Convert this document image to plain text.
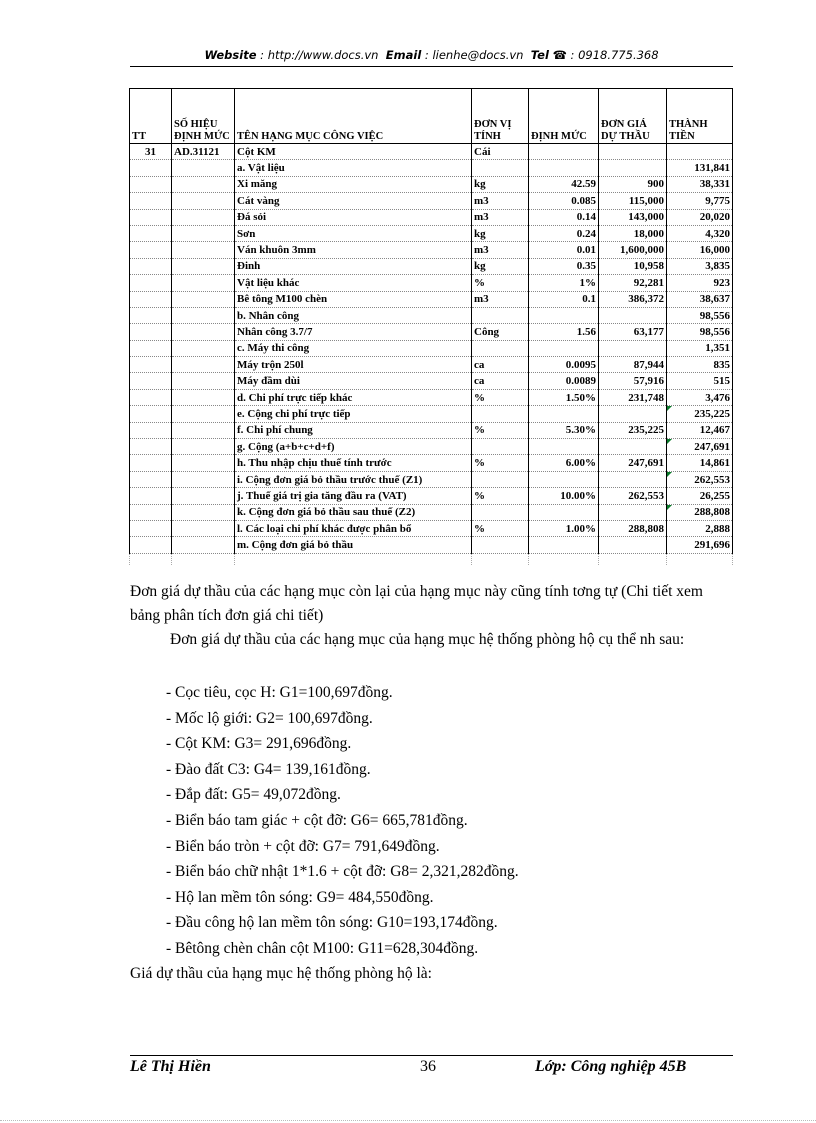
Website : http://www.docs.vn Email : lienhe@docs.vn Tel ☎ : 0918.775.368
TT	SỐ HIỆU ĐỊNH MỨC	TÊN HẠNG MỤC CÔNG VIỆC	ĐƠN VỊ TÍNH	ĐỊNH MỨC	ĐƠN GIÁ DỰ THẦU	THÀNH TIỀN
31	AD.31121	Cột KM	Cái			
		a. Vật liệu				131,841
		Xi măng	kg	42.59	900	38,331
		Cát vàng	m3	0.085	115,000	9,775
		Đá sỏi	m3	0.14	143,000	20,020
		Sơn	kg	0.24	18,000	4,320
		Ván khuôn 3mm	m3	0.01	1,600,000	16,000
		Đinh	kg	0.35	10,958	3,835
		Vật liệu khác	%	1%	92,281	923
		Bê tông M100 chèn	m3	0.1	386,372	38,637
		b. Nhân công				98,556
		Nhân công 3.7/7	Công	1.56	63,177	98,556
		c. Máy thi công				1,351
		Máy trộn 250l	ca	0.0095	87,944	835
		Máy đầm dùi	ca	0.0089	57,916	515
		d. Chi phí trực tiếp khác	%	1.50%	231,748	3,476
		e. Cộng chi phí trực tiếp				235,225
		f. Chi phí chung	%	5.30%	235,225	12,467
		g. Cộng (a+b+c+d+f)				247,691
		h. Thu nhập chịu thuế tính trước	%	6.00%	247,691	14,861
		i. Cộng đơn giá bỏ thầu trước thuế (Z1)				262,553
		j. Thuế giá trị gia tăng đầu ra (VAT)	%	10.00%	262,553	26,255
		k. Cộng đơn giá bỏ thầu sau thuế (Z2)				288,808
		l. Các loại chi phí khác được phân bổ	%	1.00%	288,808	2,888
		m. Cộng đơn giá bỏ thầu				291,696

Đơn giá dự thầu của các hạng mục còn lại của hạng mục này cũng tính tơng tự (Chi tiết xem bảng phân tích đơn giá chi tiết)
Đơn giá dự thầu của các hạng mục của hạng mục hệ thống phòng hộ cụ thể nh sau:
- Cọc tiêu, cọc H: G1=100,697đồng.
- Mốc lộ giới: G2= 100,697đồng.
- Cột KM: G3= 291,696đồng.
- Đào đất C3: G4= 139,161đồng.
- Đắp đất: G5= 49,072đồng.
- Biển báo tam giác + cột đỡ: G6= 665,781đồng.
- Biển báo tròn + cột đỡ: G7= 791,649đồng.
- Biển báo chữ nhật 1*1.6 + cột đỡ: G8= 2,321,282đồng.
- Hộ lan mềm tôn sóng: G9= 484,550đồng.
- Đầu công hộ lan mềm tôn sóng: G10=193,174đồng.
- Bêtông chèn chân cột M100: G11=628,304đồng.
Giá dự thầu của hạng mục hệ thống phòng hộ là:
Lê Thị Hiền	36	Lớp: Công nghiệp 45B
